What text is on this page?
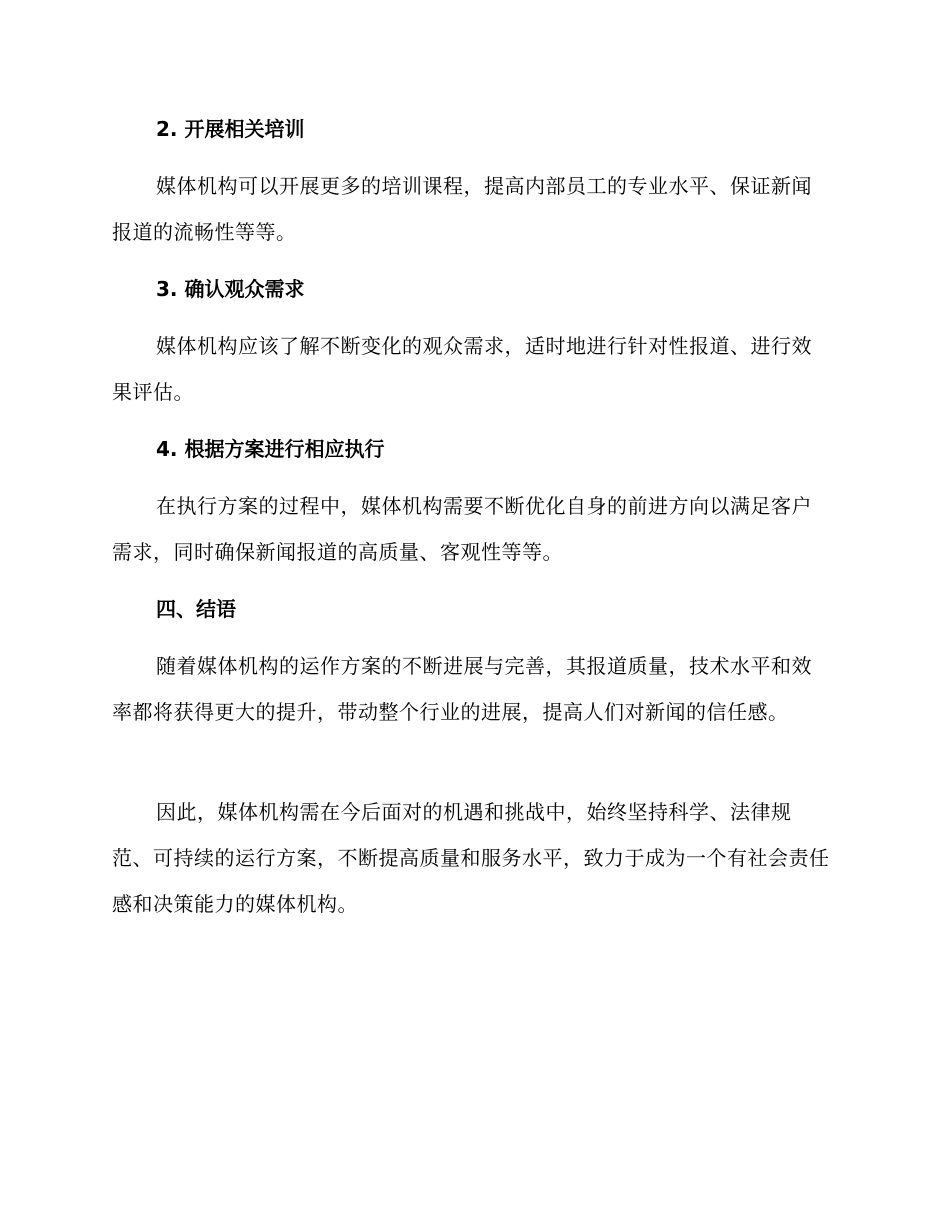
2. 开展相关培训

媒体机构可以开展更多的培训课程，提高内部员工的专业水平、保证新闻报道的流畅性等等。

3. 确认观众需求

媒体机构应该了解不断变化的观众需求，适时地进行针对性报道、进行效果评估。

4. 根据方案进行相应执行

在执行方案的过程中，媒体机构需要不断优化自身的前进方向以满足客户需求，同时确保新闻报道的高质量、客观性等等。

四、结语

随着媒体机构的运作方案的不断进展与完善，其报道质量，技术水平和效率都将获得更大的提升，带动整个行业的进展，提高人们对新闻的信任感。

因此，媒体机构需在今后面对的机遇和挑战中，始终坚持科学、法律规范、可持续的运行方案，不断提高质量和服务水平，致力于成为一个有社会责任感和决策能力的媒体机构。
